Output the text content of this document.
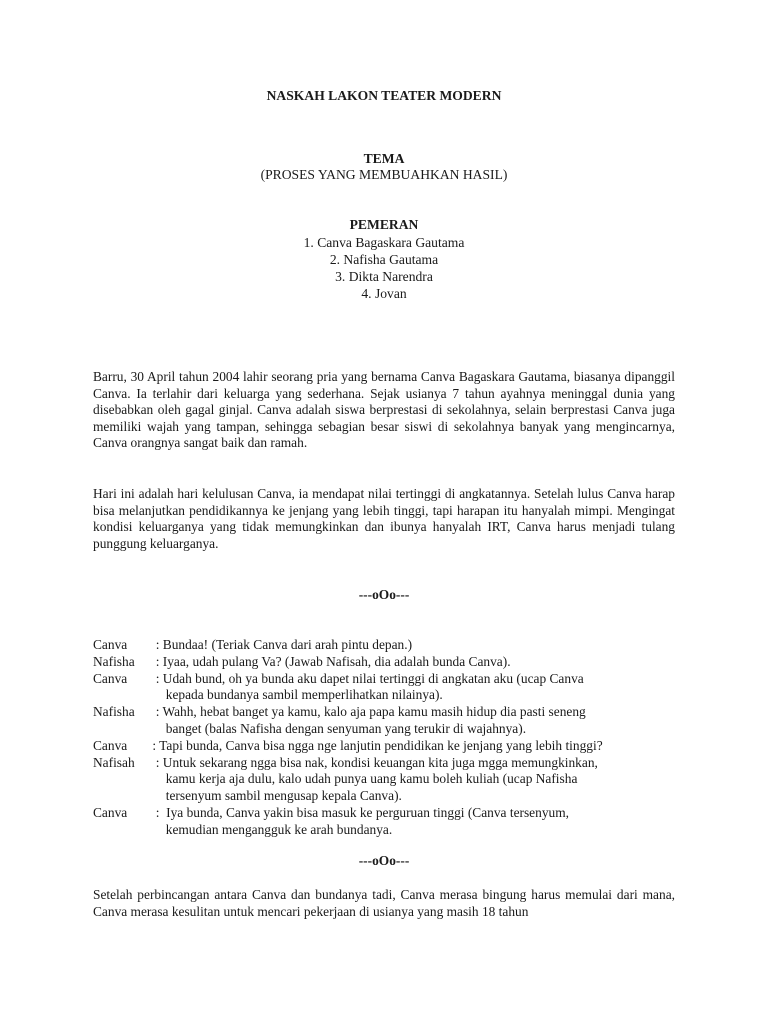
NASKAH LAKON TEATER MODERN
TEMA
(PROSES YANG MEMBUAHKAN HASIL)
PEMERAN
1. Canva Bagaskara Gautama
2. Nafisha Gautama
3. Dikta Narendra
4. Jovan

Barru, 30 April tahun 2004 lahir seorang pria yang bernama Canva Bagaskara Gautama, biasanya dipanggil Canva. Ia terlahir dari keluarga yang sederhana. Sejak usianya 7 tahun ayahnya meninggal dunia yang disebabkan oleh gagal ginjal. Canva adalah siswa berprestasi di sekolahnya, selain berprestasi Canva juga memiliki wajah yang tampan, sehingga sebagian besar siswi di sekolahnya banyak yang mengincarnya, Canva orangnya sangat baik dan ramah.

Hari ini adalah hari kelulusan Canva, ia mendapat nilai tertinggi di angkatannya. Setelah lulus Canva harap bisa melanjutkan pendidikannya ke jenjang yang lebih tinggi, tapi harapan itu hanyalah mimpi. Mengingat kondisi keluarganya yang tidak memungkinkan dan ibunya hanyalah IRT, Canva harus menjadi tulang punggung keluarganya.

---oOo---
Canva	: Bundaa! (Teriak Canva dari arah pintu depan.)
Nafisha	: Iyaa, udah pulang Va? (Jawab Nafisah, dia adalah bunda Canva).
Canva	: Udah bund, oh ya bunda aku dapet nilai tertinggi di angkatan aku (ucap Canva
kepada bundanya sambil memperlihatkan nilainya).
Nafisha	: Wahh, hebat banget ya kamu, kalo aja papa kamu masih hidup dia pasti seneng
banget (balas Nafisha dengan senyuman yang terukir di wajahnya).
Canva	: Tapi bunda, Canva bisa ngga nge lanjutin pendidikan ke jenjang yang lebih tinggi?
Nafisah	: Untuk sekarang ngga bisa nak, kondisi keuangan kita juga mgga memungkinkan,
kamu kerja aja dulu, kalo udah punya uang kamu boleh kuliah (ucap Nafisha
tersenyum sambil mengusap kepala Canva).
Canva	:  Iya bunda, Canva yakin bisa masuk ke perguruan tinggi (Canva tersenyum,
kemudian mengangguk ke arah bundanya.
---oOo---

Setelah perbincangan antara Canva dan bundanya tadi, Canva merasa bingung harus memulai dari mana, Canva merasa kesulitan untuk mencari pekerjaan di usianya yang masih 18 tahun
